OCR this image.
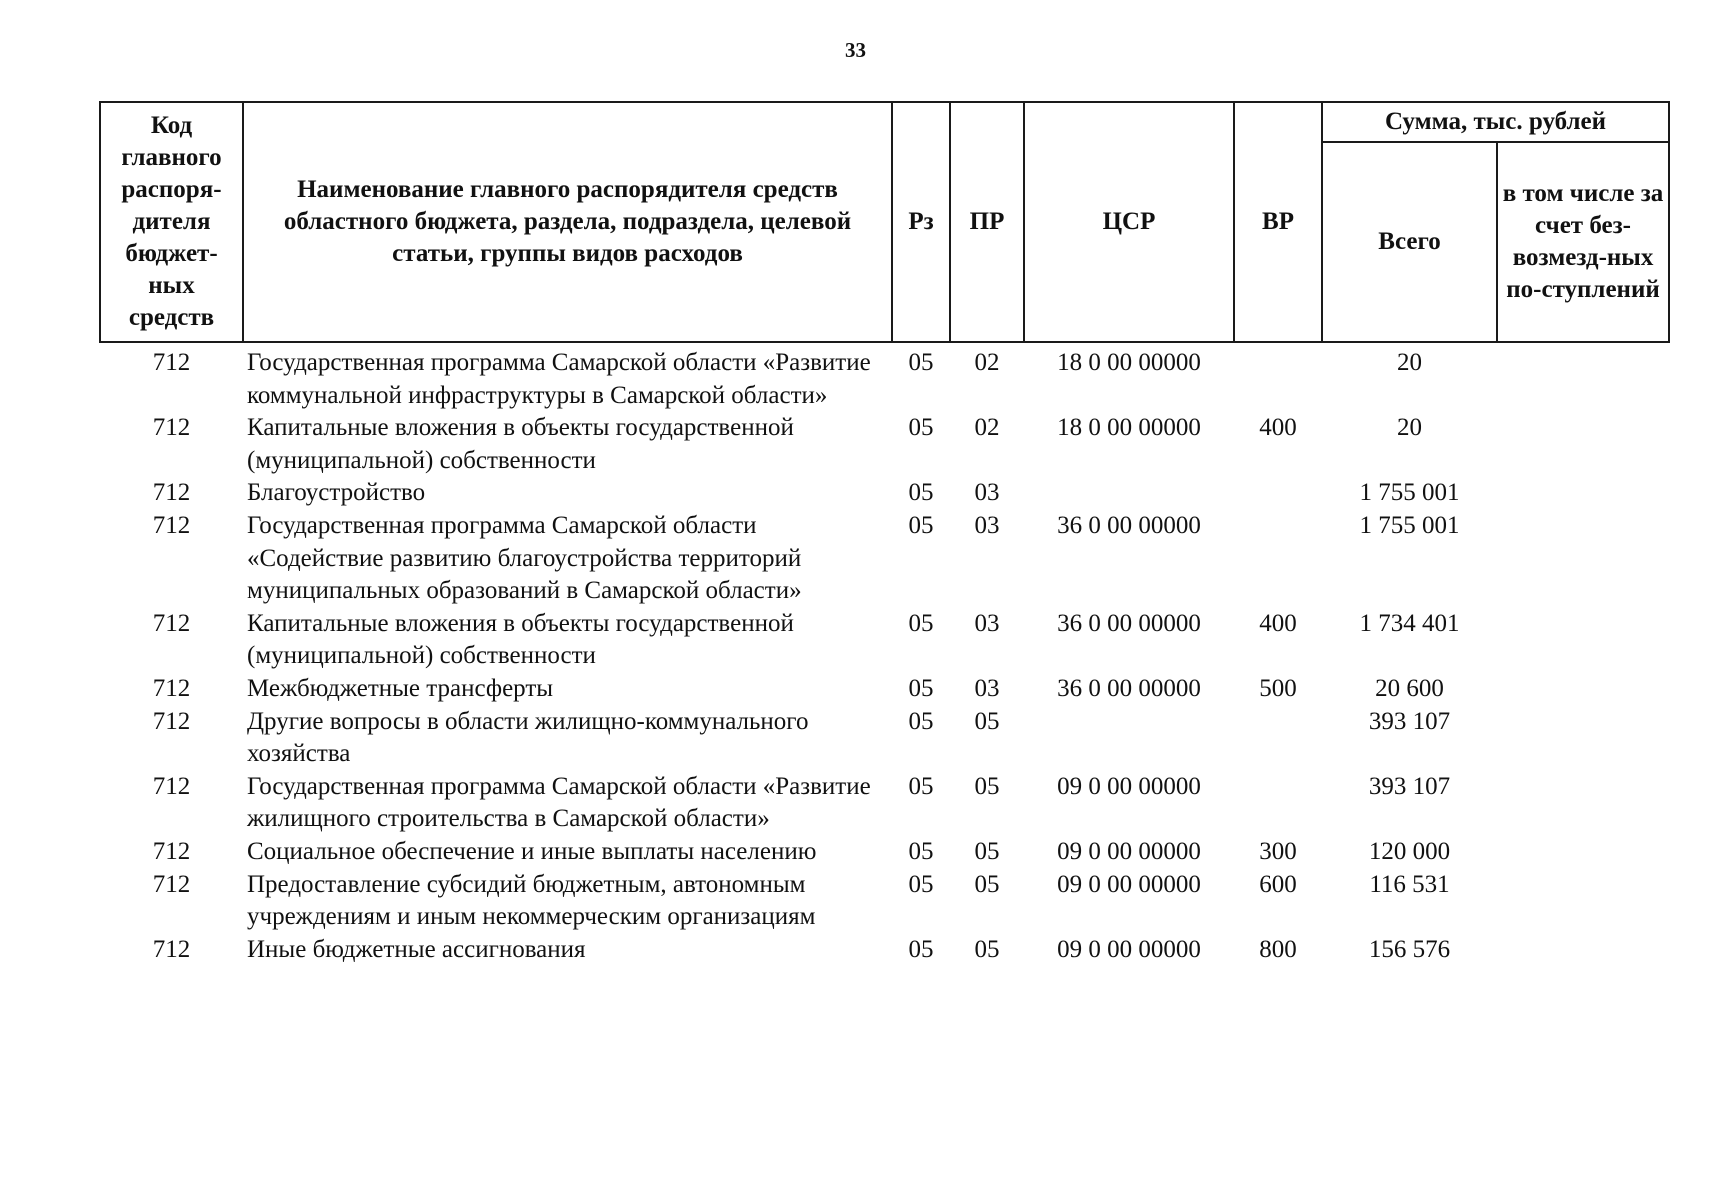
33
Код главного распоря-дителя бюджет-ных средств	Наименование главного распорядителя средств областного бюджета, раздела, подраздела, целевой статьи, группы видов расходов	Рз	ПР	ЦСР	ВР	Сумма, тыс. рублей	
						Всего	в том числе за счет без-возмезд-ных по-ступлений
712	Государственная программа Самарской области «Развитие коммунальной инфраструктуры в Самарской области»	05	02	18 0 00 00000		20	
712	Капитальные вложения в объекты государственной (муниципальной) собственности	05	02	18 0 00 00000	400	20	
712	Благоустройство	05	03			1 755 001	
712	Государственная программа Самарской области «Содействие развитию благоустройства территорий муниципальных образований в Самарской области»	05	03	36 0 00 00000		1 755 001	
712	Капитальные вложения в объекты государственной (муниципальной) собственности	05	03	36 0 00 00000	400	1 734 401	
712	Межбюджетные трансферты	05	03	36 0 00 00000	500	20 600	
712	Другие вопросы в области жилищно-коммунального хозяйства	05	05			393 107	
712	Государственная программа Самарской области «Развитие жилищного строительства в Самарской области»	05	05	09 0 00 00000		393 107	
712	Социальное обеспечение и иные выплаты населению	05	05	09 0 00 00000	300	120 000	
712	Предоставление субсидий бюджетным, автономным учреждениям и иным некоммерческим организациям	05	05	09 0 00 00000	600	116 531	
712	Иные бюджетные ассигнования	05	05	09 0 00 00000	800	156 576	
